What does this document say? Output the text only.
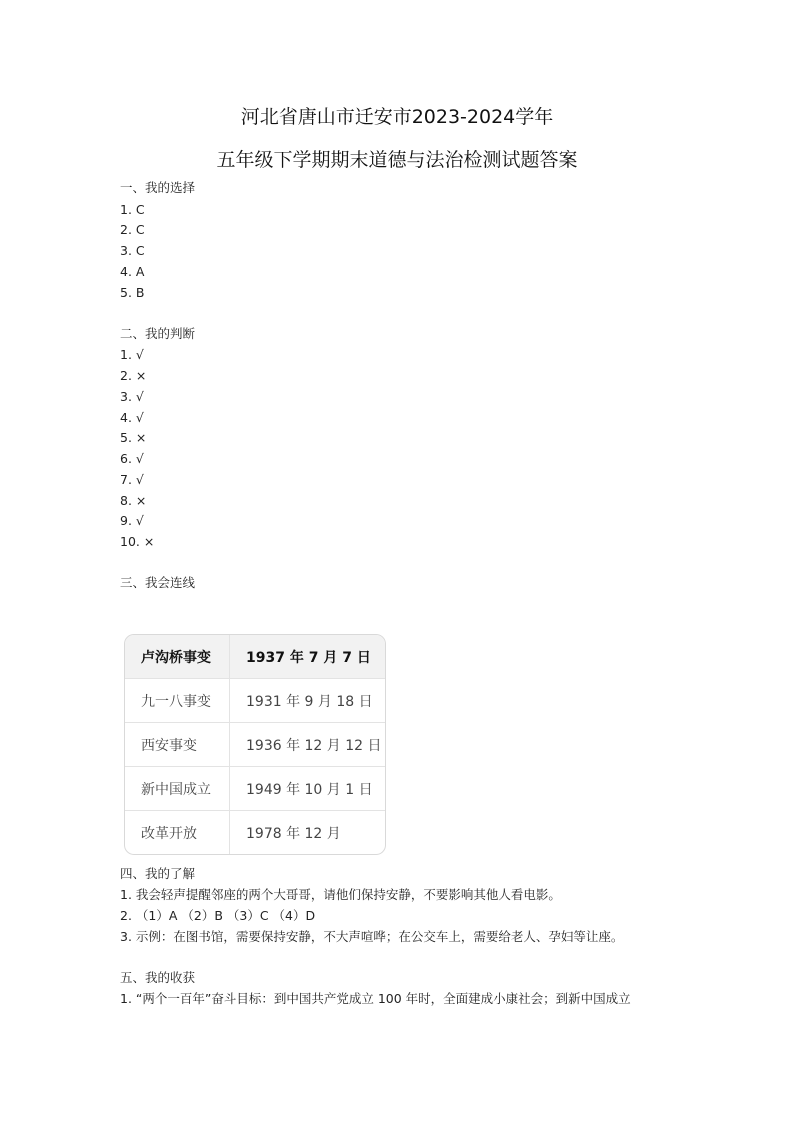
河北省唐山市迁安市2023-2024学年
五年级下学期期末道德与法治检测试题答案
一、我的选择
1. C
2. C
3. C
4. A
5. B
二、我的判断
1. √
2. ×
3. √
4. √
5. ×
6. √
7. √
8. ×
9. √
10. ×
三、我会连线
卢沟桥事变	1937 年 7 月 7 日
九一八事变	1931 年 9 月 18 日
西安事变	1936 年 12 月 12 日
新中国成立	1949 年 10 月 1 日
改革开放	1978 年 12 月
四、我的了解
1. 我会轻声提醒邻座的两个大哥哥，请他们保持安静，不要影响其他人看电影。
2. （1）A （2）B （3）C （4）D
3. 示例：在图书馆，需要保持安静，不大声喧哗；在公交车上，需要给老人、孕妇等让座。
五、我的收获
1. “两个一百年”奋斗目标：到中国共产党成立 100 年时，全面建成小康社会；到新中国成立
